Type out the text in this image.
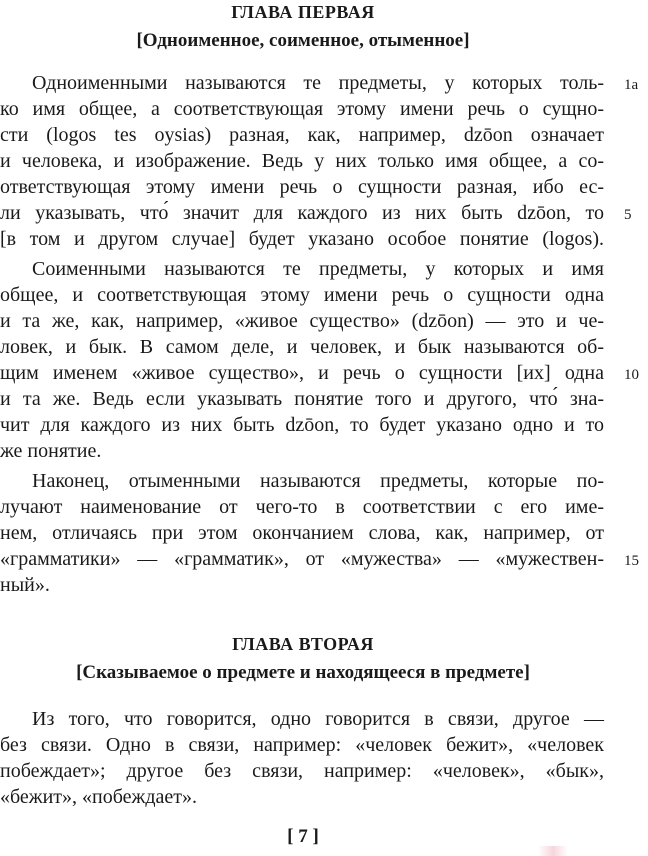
ГЛАВА ПЕРВАЯ
[Одноименное, соименное, отыменное]
Одноименными называются те предметы, у которых толь-
ко имя общее, а соответствующая этому имени речь о сущно-
сти (logos tes oysias) разная, как, например, dzōon означает
и человека, и изображение. Ведь у них только имя общее, а со-
ответствующая этому имени речь о сущности разная, ибо ес-
ли указывать, что́ значит для каждого из них быть dzōon, то
[в том и другом случае] будет указано особое понятие (logos).
Соименными называются те предметы, у которых и имя
общее, и соответствующая этому имени речь о сущности одна
и та же, как, например, «живое существо» (dzōon) — это и че-
ловек, и бык. В самом деле, и человек, и бык называются об-
щим именем «живое существо», и речь о сущности [их] одна
и та же. Ведь если указывать понятие того и другого, что́ зна-
чит для каждого из них быть dzōon, то будет указано одно и то
же понятие.
Наконец, отыменными называются предметы, которые по-
лучают наименование от чего-то в соответствии с его имe-
нем, отличаясь при этом окончанием слова, как, например, от
«грамматики» — «грамматик», от «мужества» — «мужествен-
ный».
1a
5
10
15
ГЛАВА ВТОРАЯ
[Сказываемое о предмете и находящееся в предмете]
Из того, что говорится, одно говорится в связи, другое —
без связи. Одно в связи, например: «человек бежит», «человек
побеждает»; другое без связи, например: «человек», «бык»,
«бежит», «побеждает».
[ 7 ]
